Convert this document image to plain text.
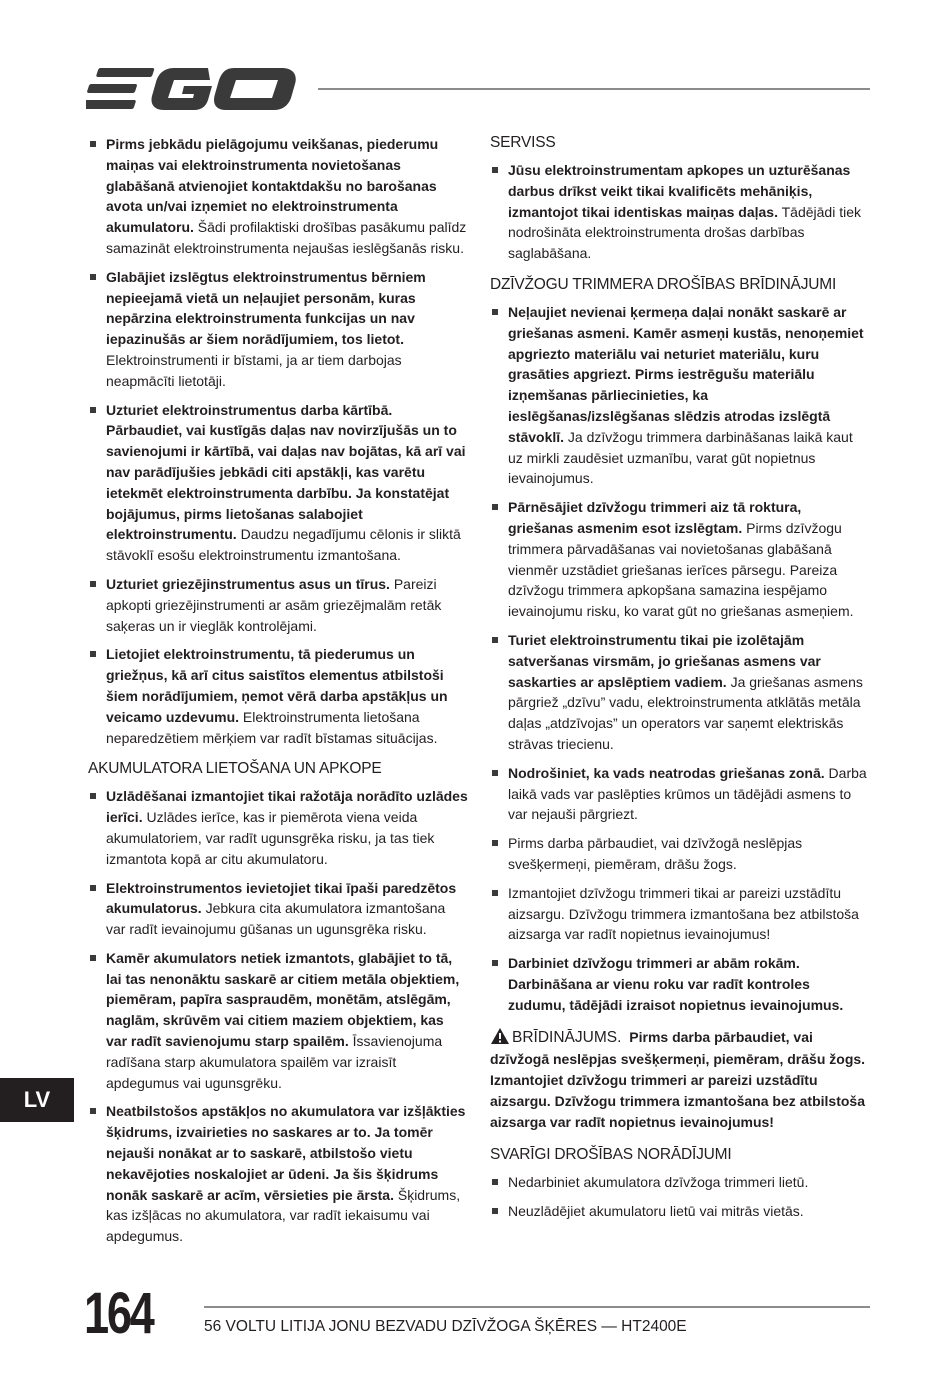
Pirms jebkādu pielāgojumu veikšanas, piederumu maiņas vai elektroinstrumenta novietošanas glabāšanā atvienojiet kontaktdakšu no barošanas avota un/vai izņemiet no elektroinstrumenta akumulatoru. Šādi profilaktiski drošības pasākumu palīdz samazināt elektroinstrumenta nejaušas ieslēgšanās risku.
Glabājiet izslēgtus elektroinstrumentus bērniem nepieejamā vietā un neļaujiet personām, kuras nepārzina elektroinstrumenta funkcijas un nav iepazinušās ar šiem norādījumiem, tos lietot. Elektroinstrumenti ir bīstami, ja ar tiem darbojas neapmācīti lietotāji.
Uzturiet elektroinstrumentus darba kārtībā. Pārbaudiet, vai kustīgās daļas nav novirzījušās un to savienojumi ir kārtībā, vai daļas nav bojātas, kā arī vai nav parādījušies jebkādi citi apstākļi, kas varētu ietekmēt elektroinstrumenta darbību. Ja konstatējat bojājumus, pirms lietošanas salabojiet elektroinstrumentu. Daudzu negadījumu cēlonis ir sliktā stāvoklī esošu elektroinstrumentu izmantošana.
Uzturiet griezējinstrumentus asus un tīrus. Pareizi apkopti griezējinstrumenti ar asām griezējmalām retāk saķeras un ir vieglāk kontrolējami.
Lietojiet elektroinstrumentu, tā piederumus un griežņus, kā arī citus saistītos elementus atbilstoši šiem norādījumiem, ņemot vērā darba apstākļus un veicamo uzdevumu. Elektroinstrumenta lietošana neparedzētiem mērķiem var radīt bīstamas situācijas.
AKUMULATORA LIETOŠANA UN APKOPE
Uzlādēšanai izmantojiet tikai ražotāja norādīto uzlādes ierīci. Uzlādes ierīce, kas ir piemērota viena veida akumulatoriem, var radīt ugunsgrēka risku, ja tas tiek izmantota kopā ar citu akumulatoru.
Elektroinstrumentos ievietojiet tikai īpaši paredzētos akumulatorus. Jebkura cita akumulatora izmantošana var radīt ievainojumu gūšanas un ugunsgrēka risku.
Kamēr akumulators netiek izmantots, glabājiet to tā, lai tas nenonāktu saskarē ar citiem metāla objektiem, piemēram, papīra saspraudēm, monētām, atslēgām, naglām, skrūvēm vai citiem maziem objektiem, kas var radīt savienojumu starp spailēm. Īssavienojuma radīšana starp akumulatora spailēm var izraisīt apdegumus vai ugunsgrēku.
Neatbilstošos apstākļos no akumulatora var izšļākties šķidrums, izvairieties no saskares ar to. Ja tomēr nejauši nonākat ar to saskarē, atbilstošo vietu nekavējoties noskalojiet ar ūdeni. Ja šis šķidrums nonāk saskarē ar acīm, vērsieties pie ārsta. Šķidrums, kas izšļācas no akumulatora, var radīt iekaisumu vai apdegumus.
SERVISS
Jūsu elektroinstrumentam apkopes un uzturēšanas darbus drīkst veikt tikai kvalificēts mehāniķis, izmantojot tikai identiskas maiņas daļas. Tādējādi tiek nodrošināta elektroinstrumenta drošas darbības saglabāšana.
DZĪVŽOGU TRIMMERA DROŠĪBAS BRĪDINĀJUMI
Neļaujiet nevienai ķermeņa daļai nonākt saskarē ar griešanas asmeni. Kamēr asmeņi kustās, nenoņemiet apgriezto materiālu vai neturiet materiālu, kuru grasāties apgriezt. Pirms iestrēgušu materiālu izņemšanas pārliecinieties, ka ieslēgšanas/izslēgšanas slēdzis atrodas izslēgtā stāvoklī. Ja dzīvžogu trimmera darbināšanas laikā kaut uz mirkli zaudēsiet uzmanību, varat gūt nopietnus ievainojumus.
Pārnēsājiet dzīvžogu trimmeri aiz tā roktura, griešanas asmenim esot izslēgtam. Pirms dzīvžogu trimmera pārvadāšanas vai novietošanas glabāšanā vienmēr uzstādiet griešanas ierīces pārsegu. Pareiza dzīvžogu trimmera apkopšana samazina iespējamo ievainojumu risku, ko varat gūt no griešanas asmeņiem.
Turiet elektroinstrumentu tikai pie izolētajām satveršanas virsmām, jo griešanas asmens var saskarties ar apslēptiem vadiem. Ja griešanas asmens pārgriež „dzīvu” vadu, elektroinstrumenta atklātās metāla daļas „atdzīvojas” un operators var saņemt elektriskās strāvas triecienu.
Nodrošiniet, ka vads neatrodas griešanas zonā. Darba laikā vads var paslēpties krūmos un tādējādi asmens to var nejauši pārgriezt.
Pirms darba pārbaudiet, vai dzīvžogā neslēpjas svešķermeņi, piemēram, drāšu žogs.
Izmantojiet dzīvžogu trimmeri tikai ar pareizi uzstādītu aizsargu. Dzīvžogu trimmera izmantošana bez atbilstoša aizsarga var radīt nopietnus ievainojumus!
Darbiniet dzīvžogu trimmeri ar abām rokām. Darbināšana ar vienu roku var radīt kontroles zudumu, tādējādi izraisot nopietnus ievainojumus.
BRĪDINĀJUMS. Pirms darba pārbaudiet, vai dzīvžogā neslēpjas svešķermeņi, piemēram, drāšu žogs. Izmantojiet dzīvžogu trimmeri ar pareizi uzstādītu aizsargu. Dzīvžogu trimmera izmantošana bez atbilstoša aizsarga var radīt nopietnus ievainojumus!
SVARĪGI DROŠĪBAS NORĀDĪJUMI
Nedarbiniet akumulatora dzīvžoga trimmeri lietū.
Neuzlādējiet akumulatoru lietū vai mitrās vietās.
LV
164	56 VOLTU LITIJA JONU BEZVADU DZĪVŽOGA ŠĶĒRES — HT2400E
